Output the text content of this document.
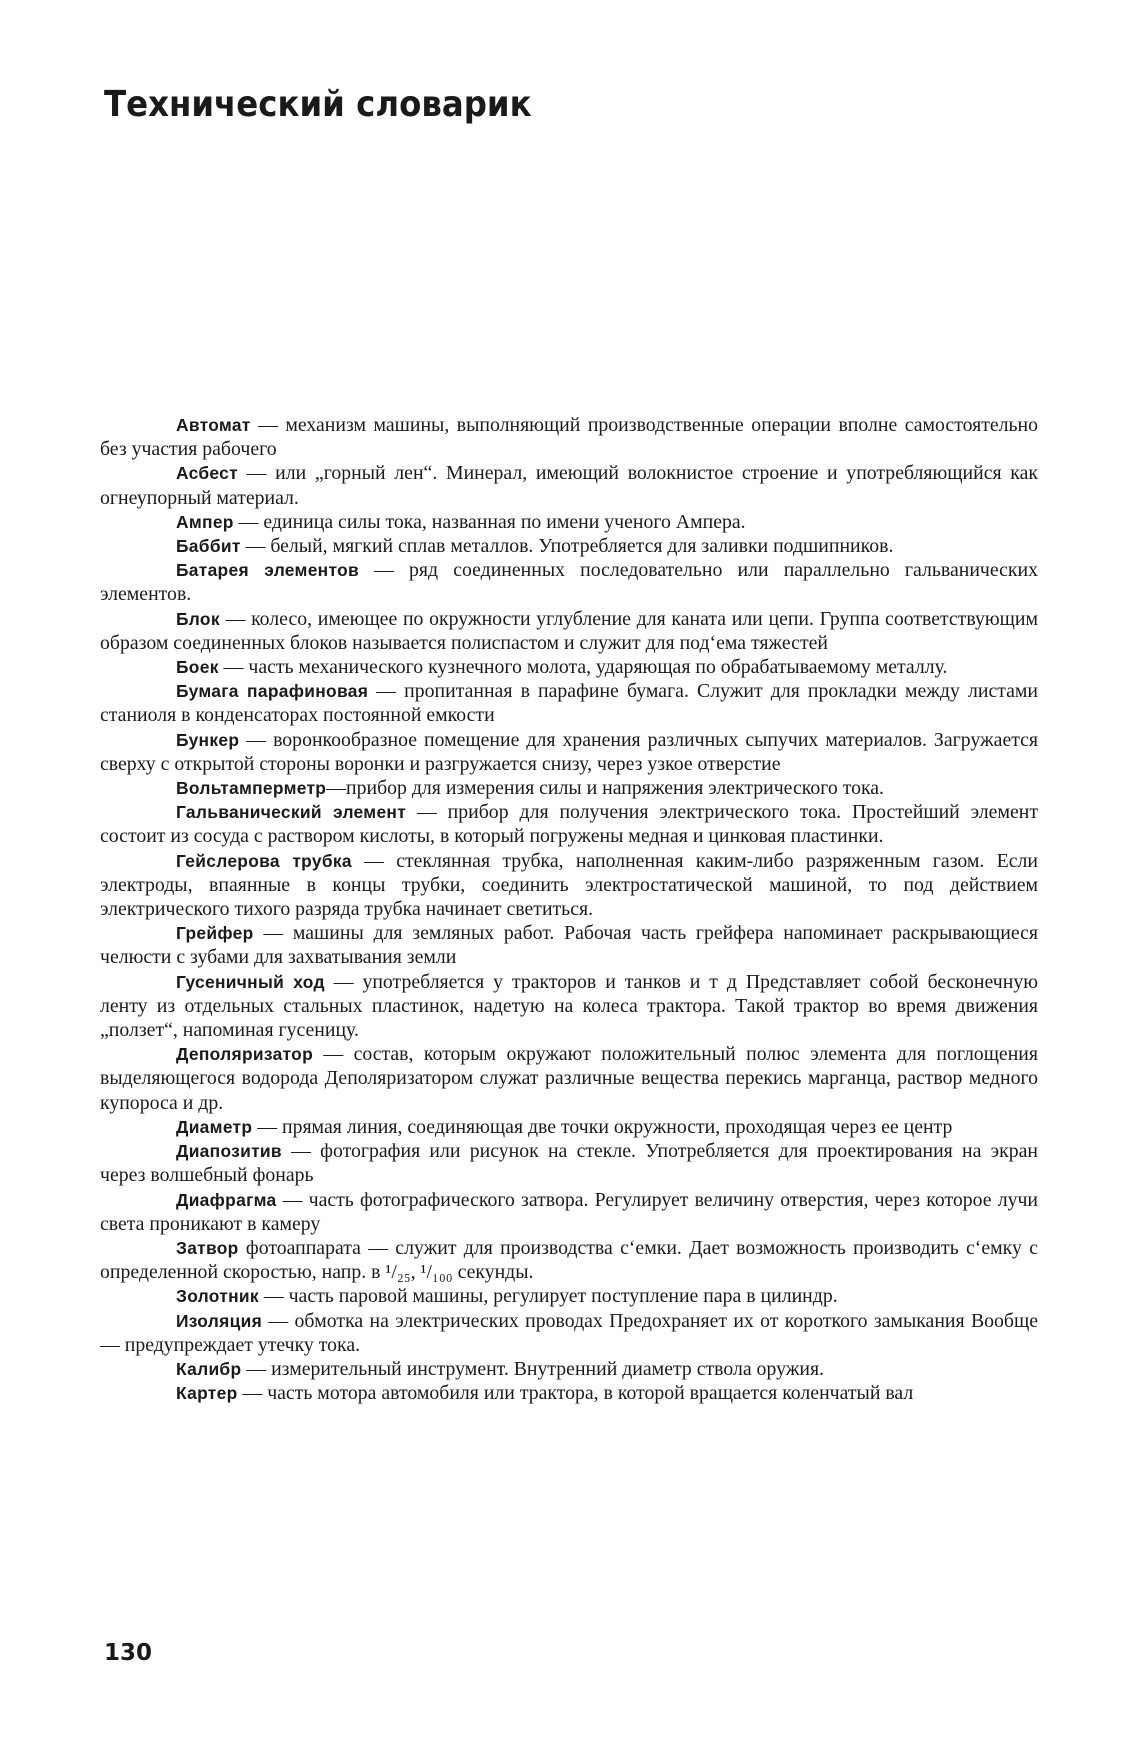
Технический словарик

Автомат — механизм машины, выполняющий производственные операции вполне самостоятельно без участия рабочего

Асбест — или „горный лен“. Минерал, имеющий волокнистое строение и употребляющийся как огнеупорный материал.

Ампер — единица силы тока, названная по имени ученого Ампера.

Баббит — белый, мягкий сплав металлов. Употребляется для заливки подшипников.

Батарея элементов — ряд соединенных последовательно или параллельно гальванических элементов.

Блок — колесо, имеющее по окружности углубление для каната или цепи. Группа соответствующим образом соединенных блоков называется полиспастом и служит для под‘ема тяжестей

Боек — часть механического кузнечного молота, ударяющая по обрабатываемому металлу.

Бумага парафиновая — пропитанная в парафине бумага. Служит для прокладки между листами станиоля в конденсаторах постоянной емкости

Бункер — воронкообразное помещение для хранения различных сыпучих материалов. Загружается сверху с открытой стороны воронки и разгружается снизу, через узкое отверстие

Вольтамперметр—прибор для измерения силы и напряжения электрического тока.

Гальванический элемент — прибор для получения электрического тока. Простейший элемент состоит из сосуда с раствором кислоты, в который погружены медная и цинковая пластинки.

Гейслерова трубка — стеклянная трубка, наполненная каким-либо разряженным газом. Если электроды, впаянные в концы трубки, соединить электростатической машиной, то под действием электрического тихого разряда трубка начинает светиться.

Грейфер — машины для земляных работ. Рабочая часть грейфера напоминает раскрывающиеся челюсти с зубами для захватывания земли

Гусеничный ход — употребляется у тракторов и танков и т д Представляет собой бесконечную ленту из отдельных стальных пластинок, надетую на колеса трактора. Такой трактор во время движения „ползет“, напоминая гусеницу.

Деполяризатор — состав, которым окружают положительный полюс элемента для поглощения выделяющегося водорода Деполяризатором служат различные вещества перекись марганца, раствор медного купороса и др.

Диаметр — прямая линия, соединяющая две точки окружности, проходящая через ее центр

Диапозитив — фотография или рисунок на стекле. Употребляется для проектирования на экран через волшебный фонарь

Диафрагма — часть фотографического затвора. Регулирует величину отверстия, через которое лучи света проникают в камеру

Затвор фотоаппарата — служит для производства с‘емки. Дает возможность производить с‘емку с определенной скоростью, напр. в ¹/₂₅, ¹/₁₀₀ секунды.

Золотник — часть паровой машины, регулирует поступление пара в цилиндр.

Изоляция — обмотка на электрических проводах Предохраняет их от короткого замыкания Вообще — предупреждает утечку тока.

Калибр — измерительный инструмент. Внутренний диаметр ствола оружия.

Картер — часть мотора автомобиля или трактора, в которой вращается коленчатый вал

130
